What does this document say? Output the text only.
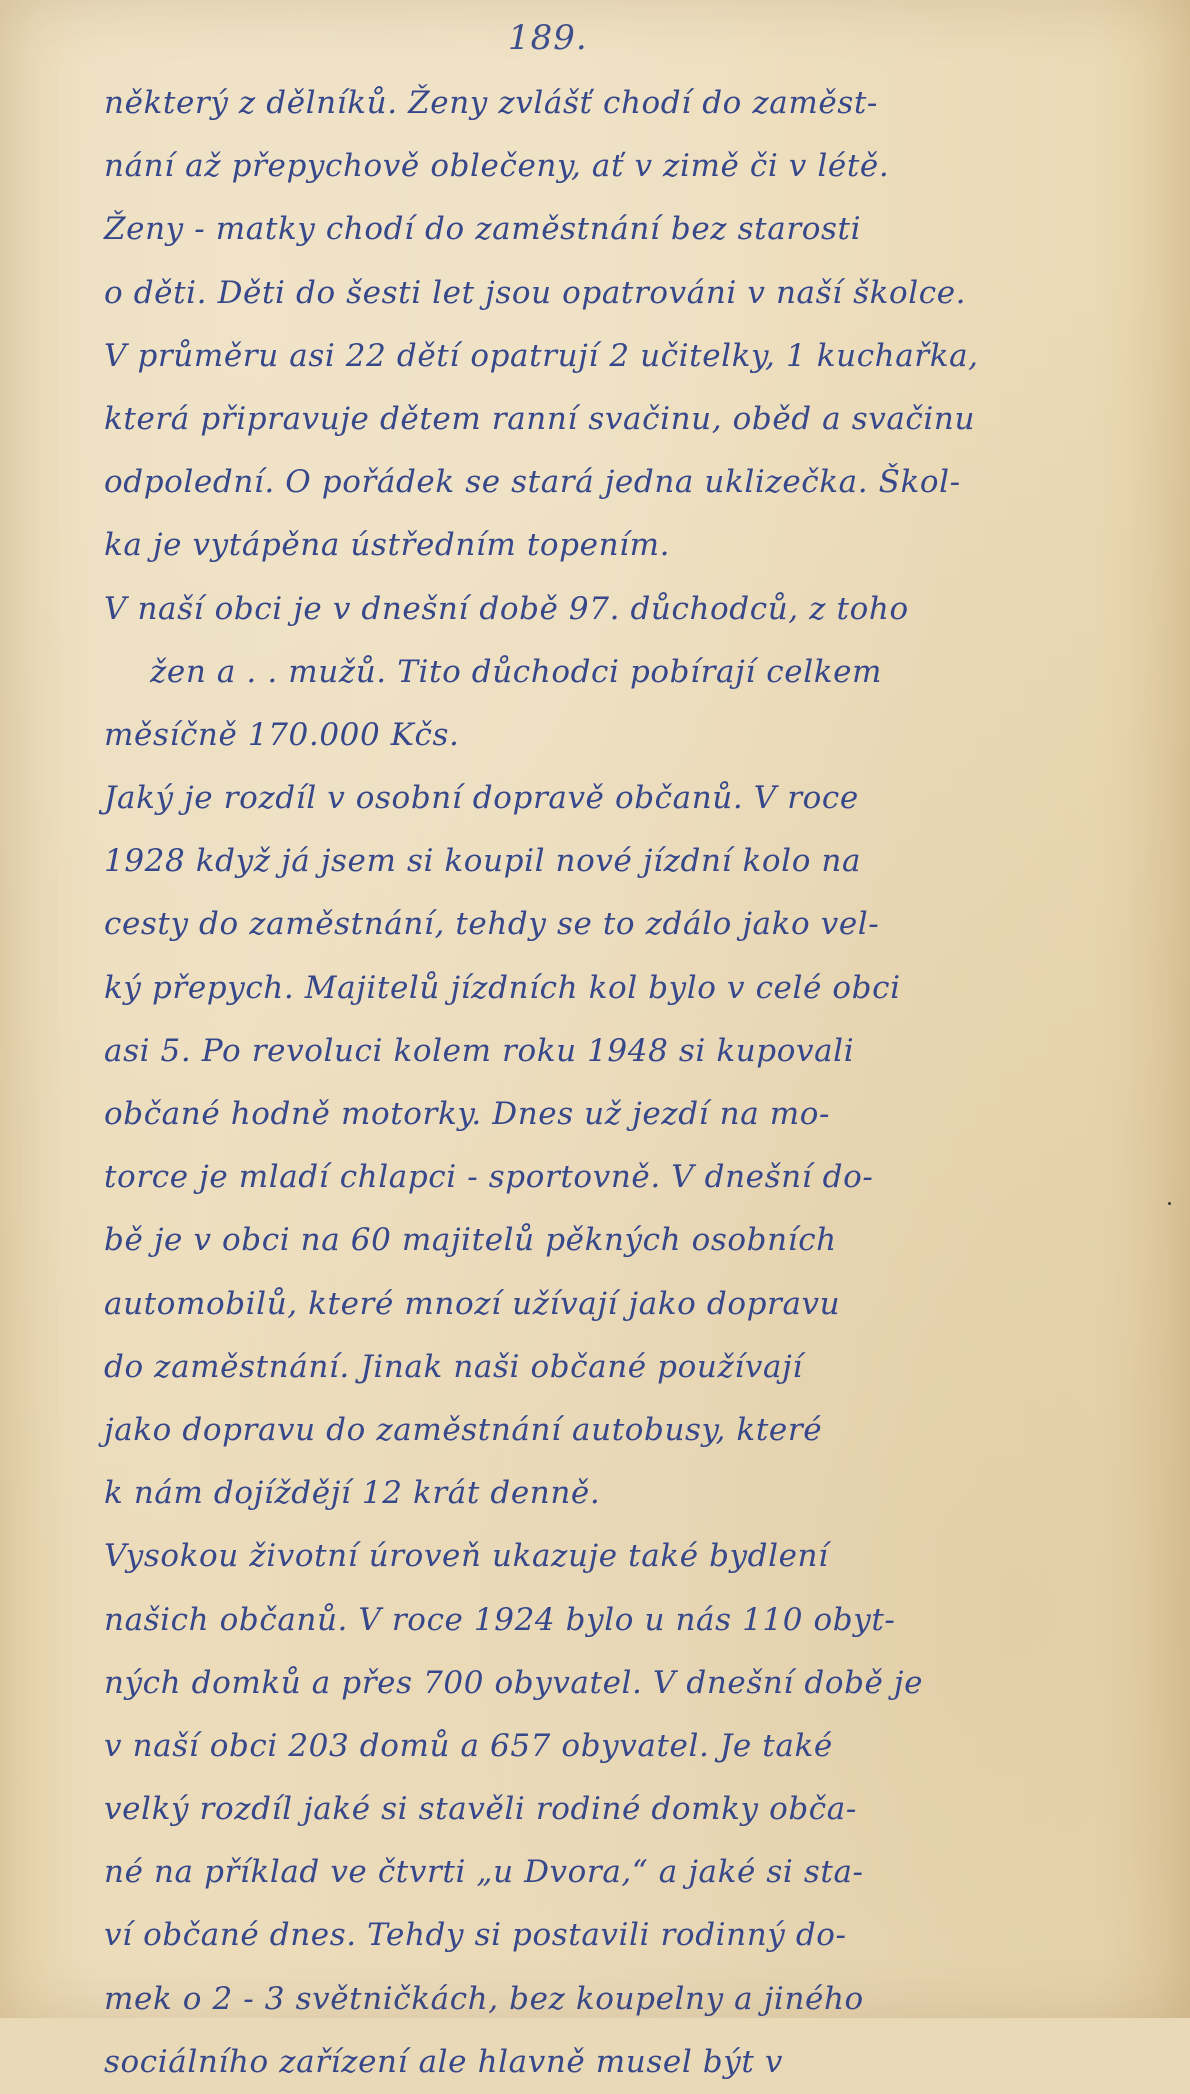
189.
některý z dělníků. Ženy zvlášť chodí do zaměst-
nání až přepychově oblečeny, ať v zimě či v létě.
Ženy - matky chodí do zaměstnání bez starosti
o děti. Děti do šesti let jsou opatrováni v naší školce.
V průměru asi 22 dětí opatrují 2 učitelky, 1 kuchařka,
která připravuje dětem ranní svačinu, oběd a svačinu
odpolední. O pořádek se stará jedna uklizečka. Škol-
ka je vytápěna ústředním topením.
V naší obci je v dnešní době 97. důchodců, z toho
žen a . . mužů. Tito důchodci pobírají celkem
měsíčně 170.000 Kčs.
Jaký je rozdíl v osobní dopravě občanů. V roce
1928 když já jsem si koupil nové jízdní kolo na
cesty do zaměstnání, tehdy se to zdálo jako vel-
ký přepych. Majitelů jízdních kol bylo v celé obci
asi 5. Po revoluci kolem roku 1948 si kupovali
občané hodně motorky. Dnes už jezdí na mo-
torce je mladí chlapci - sportovně. V dnešní do-
bě je v obci na 60 majitelů pěkných osobních
automobilů, které mnozí užívají jako dopravu
do zaměstnání. Jinak naši občané používají
jako dopravu do zaměstnání autobusy, které
k nám dojíždějí 12 krát denně.
Vysokou životní úroveň ukazuje také bydlení
našich občanů. V roce 1924 bylo u nás 110 obyt-
ných domků a přes 700 obyvatel. V dnešní době je
v naší obci 203 domů a 657 obyvatel. Je také
velký rozdíl jaké si stavěli rodiné domky obča-
né na příklad ve čtvrti „u Dvora,“ a jaké si sta-
ví občané dnes. Tehdy si postavili rodinný do-
mek o 2 - 3 světničkách, bez koupelny a jiného
sociálního zařízení ale hlavně musel být v
